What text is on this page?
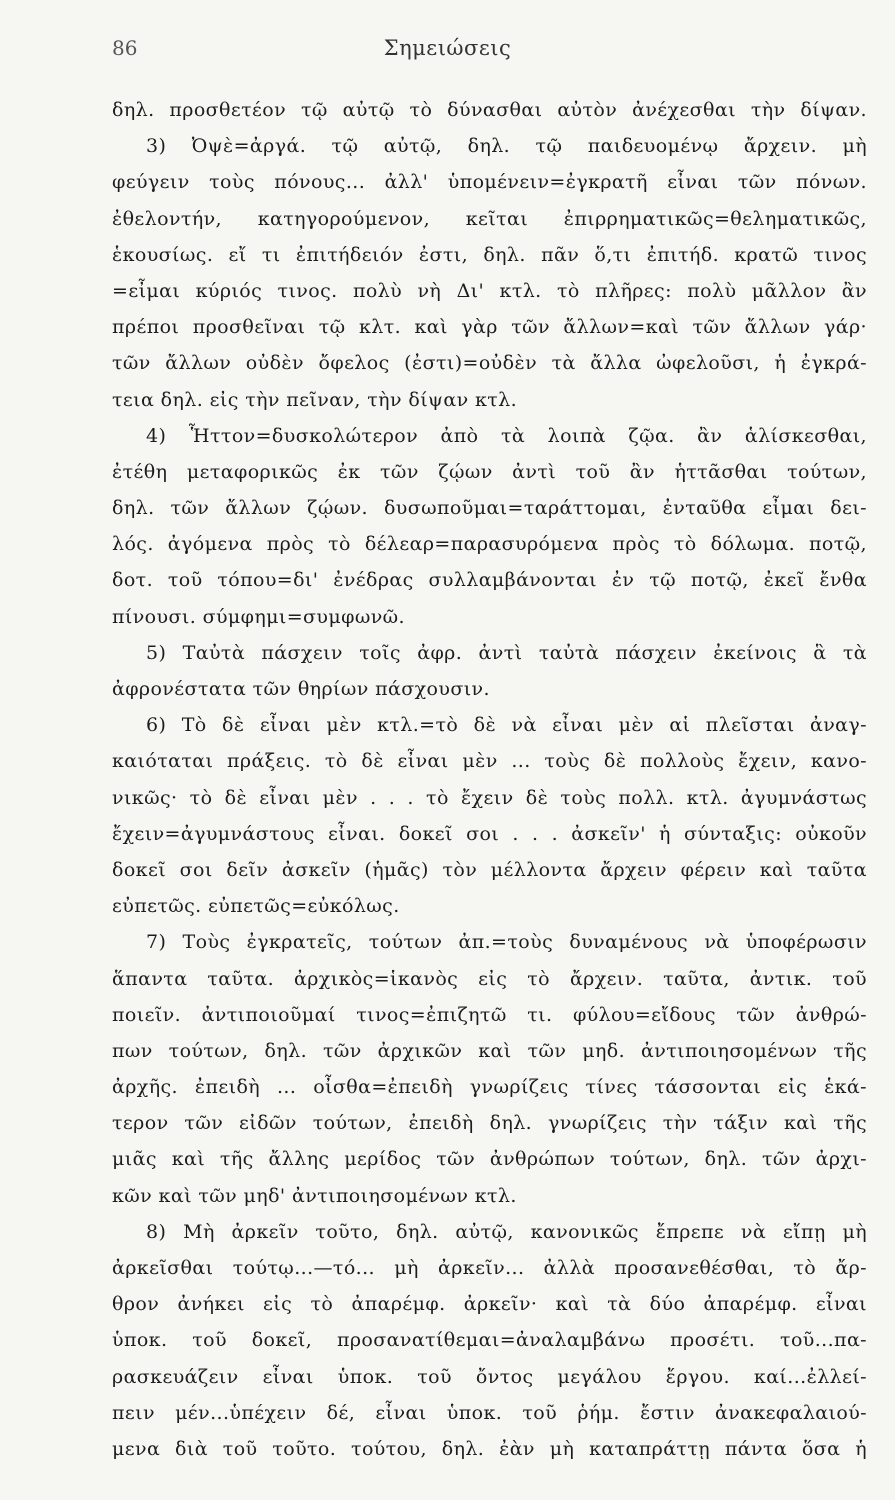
86	Σημειώσεις
δηλ. προσθετέον τῷ αὐτῷ τὸ δύνασθαι αὐτὸν ἀνέχεσθαι τὴν δίψαν.
3) Ὀψὲ=ἀργά. τῷ αὐτῷ, δηλ. τῷ παιδευομένῳ ἄρχειν. μὴ
φεύγειν τοὺς πόνους... ἀλλ' ὑπομένειν=ἐγκρατῆ εἶναι τῶν πόνων.
ἐθελοντήν, κατηγορούμενον, κεῖται ἐπιρρηματικῶς=θεληματικῶς,
ἑκουσίως. εἴ τι ἐπιτήδειόν ἐστι, δηλ. πᾶν ὅ,τι ἐπιτήδ. κρατῶ τινος
=εἶμαι κύριός τινος. πολὺ νὴ Δι' κτλ. τὸ πλῆρες: πολὺ μᾶλλον ἂν
πρέποι προσθεῖναι τῷ κλτ. καὶ γὰρ τῶν ἄλλων=καὶ τῶν ἄλλων γάρ·
τῶν ἄλλων οὐδὲν ὄφελος (ἐστι)=οὐδὲν τὰ ἄλλα ὠφελοῦσι, ἡ ἐγκρά-
τεια δηλ. εἰς τὴν πεῖναν, τὴν δίψαν κτλ.
4) Ἧττον=δυσκολώτερον ἀπὸ τὰ λοιπὰ ζῷα. ἂν ἁλίσκεσθαι,
ἐτέθη μεταφορικῶς ἐκ τῶν ζῴων ἀντὶ τοῦ ἂν ἡττᾶσθαι τούτων,
δηλ. τῶν ἄλλων ζῴων. δυσωποῦμαι=ταράττομαι, ἐνταῦθα εἶμαι δει-
λός. ἀγόμενα πρὸς τὸ δέλεαρ=παρασυρόμενα πρὸς τὸ δόλωμα. ποτῷ,
δοτ. τοῦ τόπου=δι' ἐνέδρας συλλαμβάνονται ἐν τῷ ποτῷ, ἐκεῖ ἔνθα
πίνουσι. σύμφημι=συμφωνῶ.
5) Ταὐτὰ πάσχειν τοῖς ἀφρ. ἀντὶ ταὐτὰ πάσχειν ἐκείνοις ἃ τὰ
ἀφρονέστατα τῶν θηρίων πάσχουσιν.
6) Τὸ δὲ εἶναι μὲν κτλ.=τὸ δὲ νὰ εἶναι μὲν αἱ πλεῖσται ἀναγ-
καιόταται πράξεις. τὸ δὲ εἶναι μὲν ... τοὺς δὲ πολλοὺς ἔχειν, κανο-
νικῶς· τὸ δὲ εἶναι μὲν . . . τὸ ἔχειν δὲ τοὺς πολλ. κτλ. ἀγυμνάστως
ἔχειν=ἀγυμνάστους εἶναι. δοκεῖ σοι . . . ἀσκεῖν' ἡ σύνταξις: οὐκοῦν
δοκεῖ σοι δεῖν ἀσκεῖν (ἡμᾶς) τὸν μέλλοντα ἄρχειν φέρειν καὶ ταῦτα
εὐπετῶς. εὐπετῶς=εὐκόλως.
7) Τοὺς ἐγκρατεῖς, τούτων ἀπ.=τοὺς δυναμένους νὰ ὑποφέρωσιν
ἅπαντα ταῦτα. ἀρχικὸς=ἱκανὸς εἰς τὸ ἄρχειν. ταῦτα, ἀντικ. τοῦ
ποιεῖν. ἀντιποιοῦμαί τινος=ἐπιζητῶ τι. φύλου=εἴδους τῶν ἀνθρώ-
πων τούτων, δηλ. τῶν ἀρχικῶν καὶ τῶν μηδ. ἀντιποιησομένων τῆς
ἀρχῆς. ἐπειδὴ ... οἶσθα=ἐπειδὴ γνωρίζεις τίνες τάσσονται εἰς ἑκά-
τερον τῶν εἰδῶν τούτων, ἐπειδὴ δηλ. γνωρίζεις τὴν τάξιν καὶ τῆς
μιᾶς καὶ τῆς ἄλλης μερίδος τῶν ἀνθρώπων τούτων, δηλ. τῶν ἀρχι-
κῶν καὶ τῶν μηδ' ἀντιποιησομένων κτλ.
8) Μὴ ἀρκεῖν τοῦτο, δηλ. αὐτῷ, κανονικῶς ἔπρεπε νὰ εἴπῃ μὴ
ἀρκεῖσθαι τούτῳ...—τό... μὴ ἀρκεῖν... ἀλλὰ προσανεθέσθαι, τὸ ἄρ-
θρον ἀνήκει εἰς τὸ ἀπαρέμφ. ἀρκεῖν· καὶ τὰ δύο ἀπαρέμφ. εἶναι
ὑποκ. τοῦ δοκεῖ, προσανατίθεμαι=ἀναλαμβάνω προσέτι. τοῦ...πα-
ρασκευάζειν εἶναι ὑποκ. τοῦ ὄντος μεγάλου ἔργου. καί...ἐλλεί-
πειν μέν...ὑπέχειν δέ, εἶναι ὑποκ. τοῦ ῥήμ. ἔστιν ἀνακεφαλαιού-
μενα διὰ τοῦ τοῦτο. τούτου, δηλ. ἐὰν μὴ καταπράττῃ πάντα ὅσα ἡ
